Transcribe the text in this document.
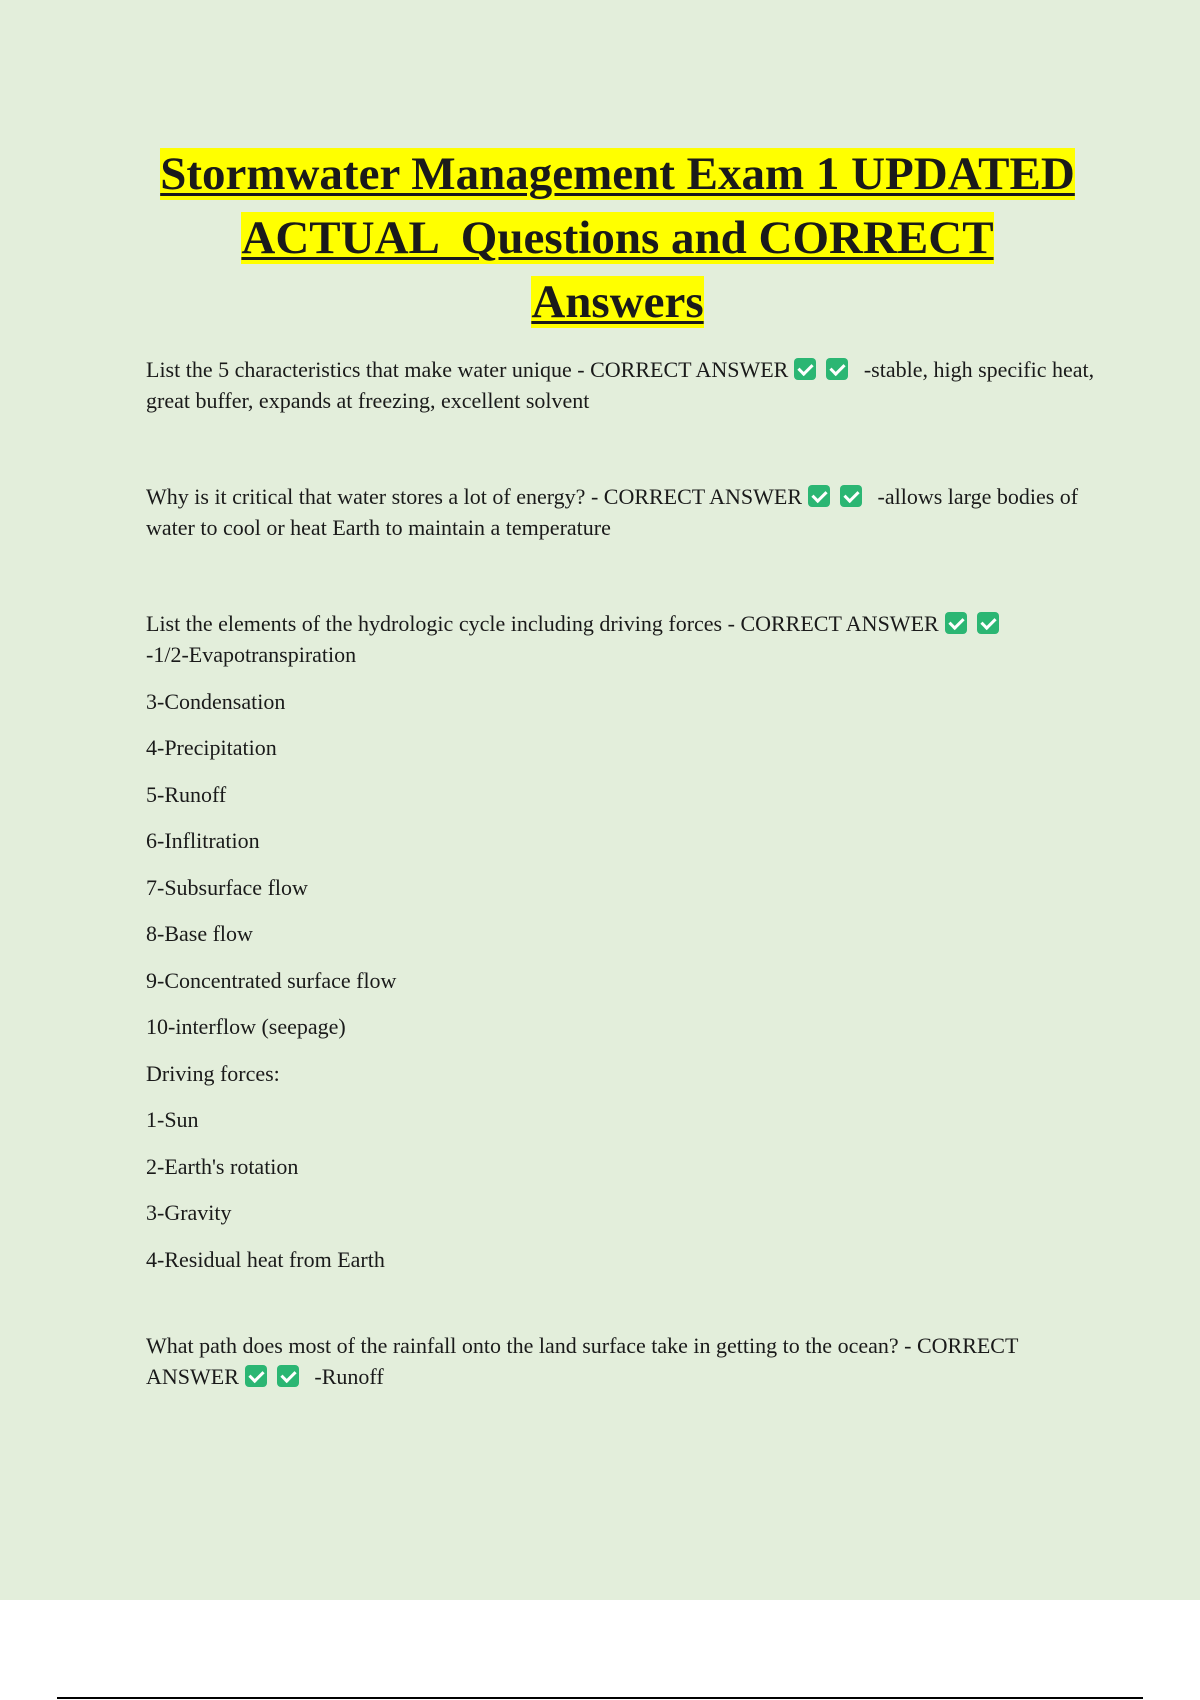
Stormwater Management Exam 1 UPDATED
ACTUAL  Questions and CORRECT
Answers

List the 5 characteristics that make water unique - CORRECT ANSWER	-stable, high specific heat, great buffer, expands at freezing, excellent solvent

Why is it critical that water stores a lot of energy? - CORRECT ANSWER	-allows large bodies of water to cool or heat Earth to maintain a temperature

List the elements of the hydrologic cycle including driving forces - CORRECT ANSWER
-1/2-Evapotranspiration

3-Condensation
4-Precipitation
5-Runoff
6-Inflitration
7-Subsurface flow
8-Base flow
9-Concentrated surface flow
10-interflow (seepage)
Driving forces:
1-Sun
2-Earth's rotation
3-Gravity
4-Residual heat from Earth

What path does most of the rainfall onto the land surface take in getting to the ocean? - CORRECT ANSWER	-Runoff
